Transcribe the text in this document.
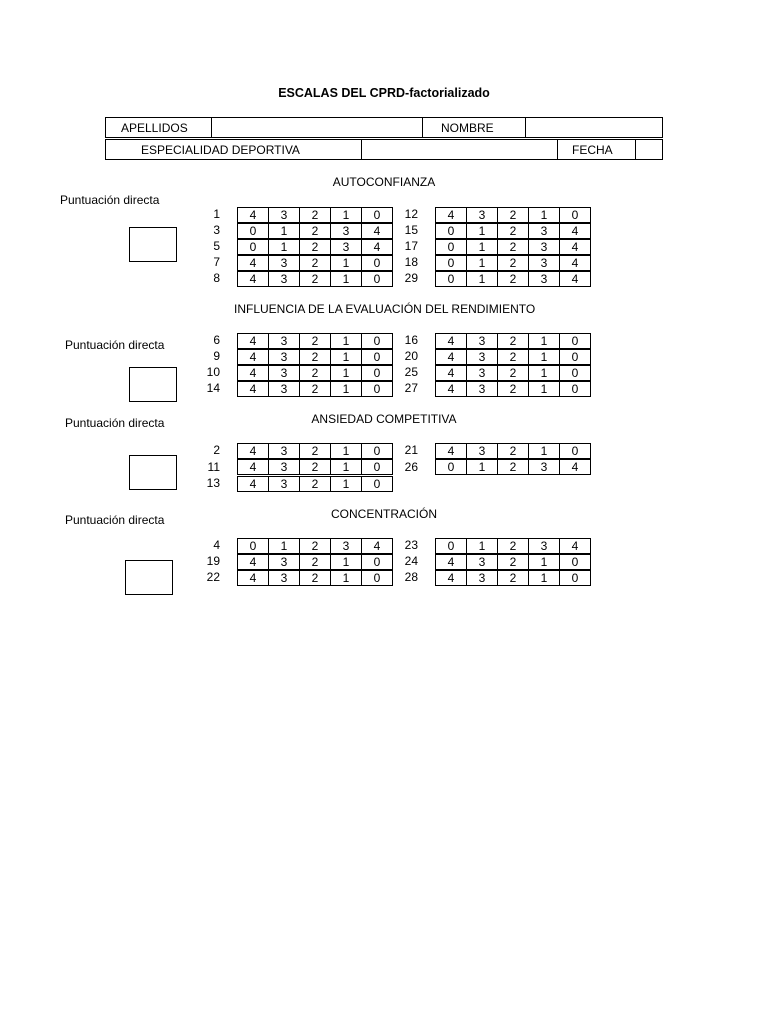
ESCALAS DEL CPRD-factorializado
APELLIDOS		NOMBRE	
ESPECIALIDAD DEPORTIVA		FECHA	
AUTOCONFIANZA
INFLUENCIA DE LA EVALUACIÓN DEL RENDIMIENTO
ANSIEDAD COMPETITIVA
CONCENTRACIÓN
Puntuación directa
Puntuación directa
Puntuación directa
Puntuación directa
1 4	3	2	1	0	12 4	3	2	1	0
3 0	1	2	3	4	15 0	1	2	3	4
5 0	1	2	3	4	17 0	1	2	3	4
7 4	3	2	1	0	18 0	1	2	3	4
8 4	3	2	1	0	29 0	1	2	3	4
6 4	3	2	1	0	16 4	3	2	1	0
9 4	3	2	1	0	20 4	3	2	1	0
10 4	3	2	1	0	25 4	3	2	1	0
14 4	3	2	1	0	27 4	3	2	1	0
2 4	3	2	1	0	21 4	3	2	1	0
11 4	3	2	1	0	26 0	1	2	3	4
13 4	3	2	1	0
4 0	1	2	3	4	23 0	1	2	3	4
19 4	3	2	1	0	24 4	3	2	1	0
22 4	3	2	1	0	28 4	3	2	1	0
